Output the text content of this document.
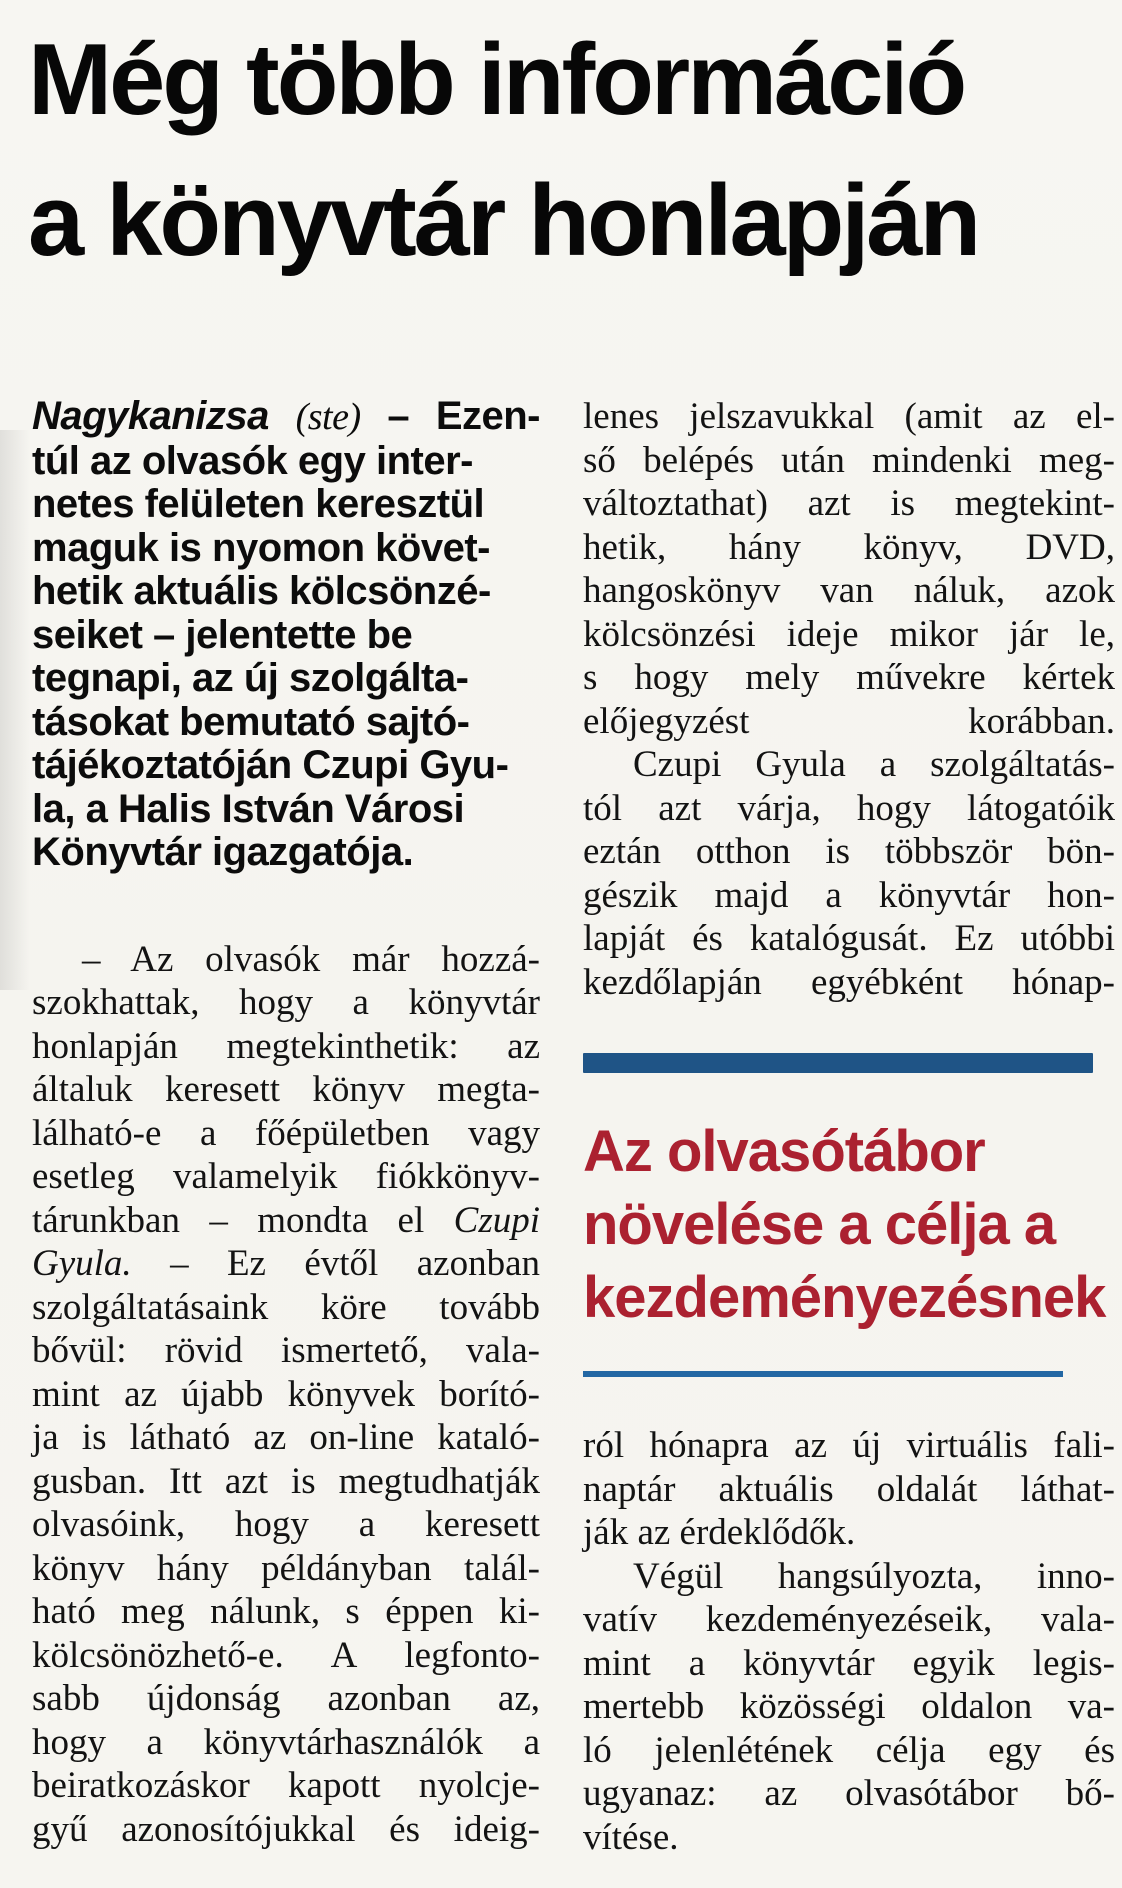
Még több információ
a könyvtár honlapján
Nagykanizsa (ste) – Ezen-
túl az olvasók egy inter-
netes felületen keresztül
maguk is nyomon követ-
hetik aktuális kölcsönzé-
seiket – jelentette be
tegnapi, az új szolgálta-
tásokat bemutató sajtó-
tájékoztatóján Czupi Gyu-
la, a Halis István Városi
Könyvtár igazgatója.
– Az olvasók már hozzá-
szokhattak, hogy a könyvtár
honlapján megtekinthetik: az
általuk keresett könyv megta-
lálható-e a főépületben vagy
esetleg valamelyik fiókkönyv-
tárunkban – mondta el Czupi
Gyula. – Ez évtől azonban
szolgáltatásaink köre tovább
bővül: rövid ismertető, vala-
mint az újabb könyvek borító-
ja is látható az on-line kataló-
gusban. Itt azt is megtudhatják
olvasóink, hogy a keresett
könyv hány példányban talál-
ható meg nálunk, s éppen ki-
kölcsönözhető-e. A legfonto-
sabb újdonság azonban az,
hogy a könyvtárhasználók a
beiratkozáskor kapott nyolcje-
gyű azonosítójukkal és ideig-
lenes jelszavukkal (amit az el-
ső belépés után mindenki meg-
változtathat) azt is megtekint-
hetik, hány könyv, DVD,
hangoskönyv van náluk, azok
kölcsönzési ideje mikor jár le,
s hogy mely művekre kértek
előjegyzést korábban.
Czupi Gyula a szolgáltatás-
tól azt várja, hogy látogatóik
eztán otthon is többször bön-
gészik majd a könyvtár hon-
lapját és katalógusát. Ez utóbbi
kezdőlapján egyébként hónap-
Az olvasótábor
növelése a célja a
kezdeményezésnek
ról hónapra az új virtuális fali-
naptár aktuális oldalát láthat-
ják az érdeklődők.
Végül hangsúlyozta, inno-
vatív kezdeményezéseik, vala-
mint a könyvtár egyik legis-
mertebb közösségi oldalon va-
ló jelenlétének célja egy és
ugyanaz: az olvasótábor bő-
vítése.
